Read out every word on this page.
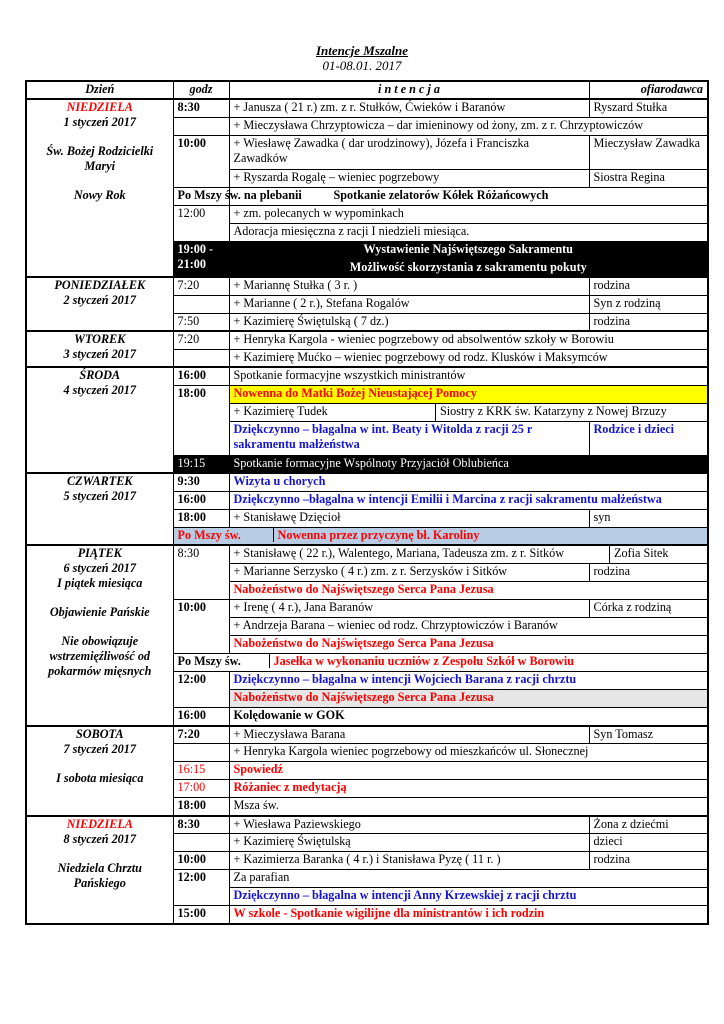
Intencje Mszalne
01-08.01. 2017
Dzień	godz	i n t e n c j a	ofiarodawca

NIEDZIELA
1 styczeń 2017
Św. Bożej Rodzicielki
Maryi
Nowy Rok
	8:30	+ Janusza ( 21 r.) zm. z r. Stułków, Ćwieków i Baranów	Ryszard Stułka
	+ Mieczysława Chrzyptowicza – dar imieninowy od żony, zm. z r. Chrzyptowiczów
10:00	+ Wiesławę Zawadka ( dar urodzinowy), Józefa i Franciszka Zawadków	Mieczysław Zawadka
+ Ryszarda Rogalę – wieniec pogrzebowy	Siostra Regina
Po Mszy św. na plebanii	Spotkanie zelatorów Kółek Różańcowych
12:00	+ zm. polecanych w wypominkach
Adoracja miesięczna z racji I niedzieli miesiąca.
19:00 - 21:00	Wystawienie Najświętszego Sakramentu
Możliwość skorzystania z sakramentu pokuty

PONIEDZIAŁEK
2 styczeń 2017
	7:20	+ Mariannę Stułka ( 3 r. )	rodzina
	+ Marianne ( 2 r.), Stefana Rogalów	Syn z rodziną
7:50	+ Kazimierę Świętulską ( 7 dz.)	rodzina

WTOREK
3 styczeń 2017
	7:20	+ Henryka Kargola - wieniec pogrzebowy od absolwentów szkoły w Borowiu
	+ Kazimierę Mućko – wieniec pogrzebowy od rodz. Klusków i Maksymców

ŚRODA
4 styczeń 2017
	16:00	Spotkanie formacyjne wszystkich ministrantów
18:00	Nowenna do Matki Bożej Nieustającej Pomocy

+ Kazimierę Tudek	Siostry z KRK św. Katarzyny z Nowej Brzuzy

Dziękczynno – błagalna w int. Beaty i Witolda z racji 25 r sakramentu małżeństwa	Rodzice i dzieci
19:15	Spotkanie formacyjne Wspólnoty Przyjaciół Oblubieńca

CZWARTEK
5 styczeń 2017
	9:30	Wizyta u chorych
16:00	Dziękczynno –błagalna w intencji Emilii i Marcina z racji sakramentu małżeństwa
18:00	+ Stanisławę Dzięcioł	syn
Po Mszy św.	Nowenna przez przyczynę bł. Karoliny

PIĄTEK
6 styczeń 2017
I piątek miesiąca
Objawienie Pańskie
Nie obowiązuje
wstrzemięźliwość od
pokarmów mięsnych
	8:30		+ Stanisławę ( 22 r.), Walentego, Mariana, Tadeusza zm. z r. Sitków	Zofia Sitek

+ Marianne Serzysko ( 4 r.) zm. z r. Serzysków i Sitków	rodzina
Nabożeństwo do Najświętszego Serca Pana Jezusa
10:00	+ Irenę ( 4 r.), Jana Baranów	Córka z rodziną
+ Andrzeja Barana – wieniec od rodz. Chrzyptowiczów i Baranów
Nabożeństwo do Najświętszego Serca Pana Jezusa
Po Mszy św.	Jasełka w wykonaniu uczniów z Zespołu Szkół w Borowiu
12:00	Dziękczynno – błagalna w intencji Wojciech Barana z racji chrztu
Nabożeństwo do Najświętszego Serca Pana Jezusa
16:00	Kolędowanie w GOK

SOBOTA
7 styczeń 2017
I sobota miesiąca
	7:20	+ Mieczysława Barana	Syn Tomasz
	+ Henryka Kargola wieniec pogrzebowy od mieszkańców ul. Słonecznej
16:15	Spowiedź
17:00	Różaniec z medytacją
18:00	Msza św.

NIEDZIELA
8 styczeń 2017
Niedziela Chrztu
Pańskiego
	8:30	+ Wiesława Paziewskiego	Żona z dziećmi
	+ Kazimierę Świętulską	dzieci
10:00	+ Kazimierza Baranka ( 4 r.) i Stanisława Pyzę ( 11 r. )	rodzina
12:00	Za parafian
Dziękczynno – błagalna w intencji Anny Krzewskiej z racji chrztu
15:00	W szkole - Spotkanie wigilijne dla ministrantów i ich rodzin
